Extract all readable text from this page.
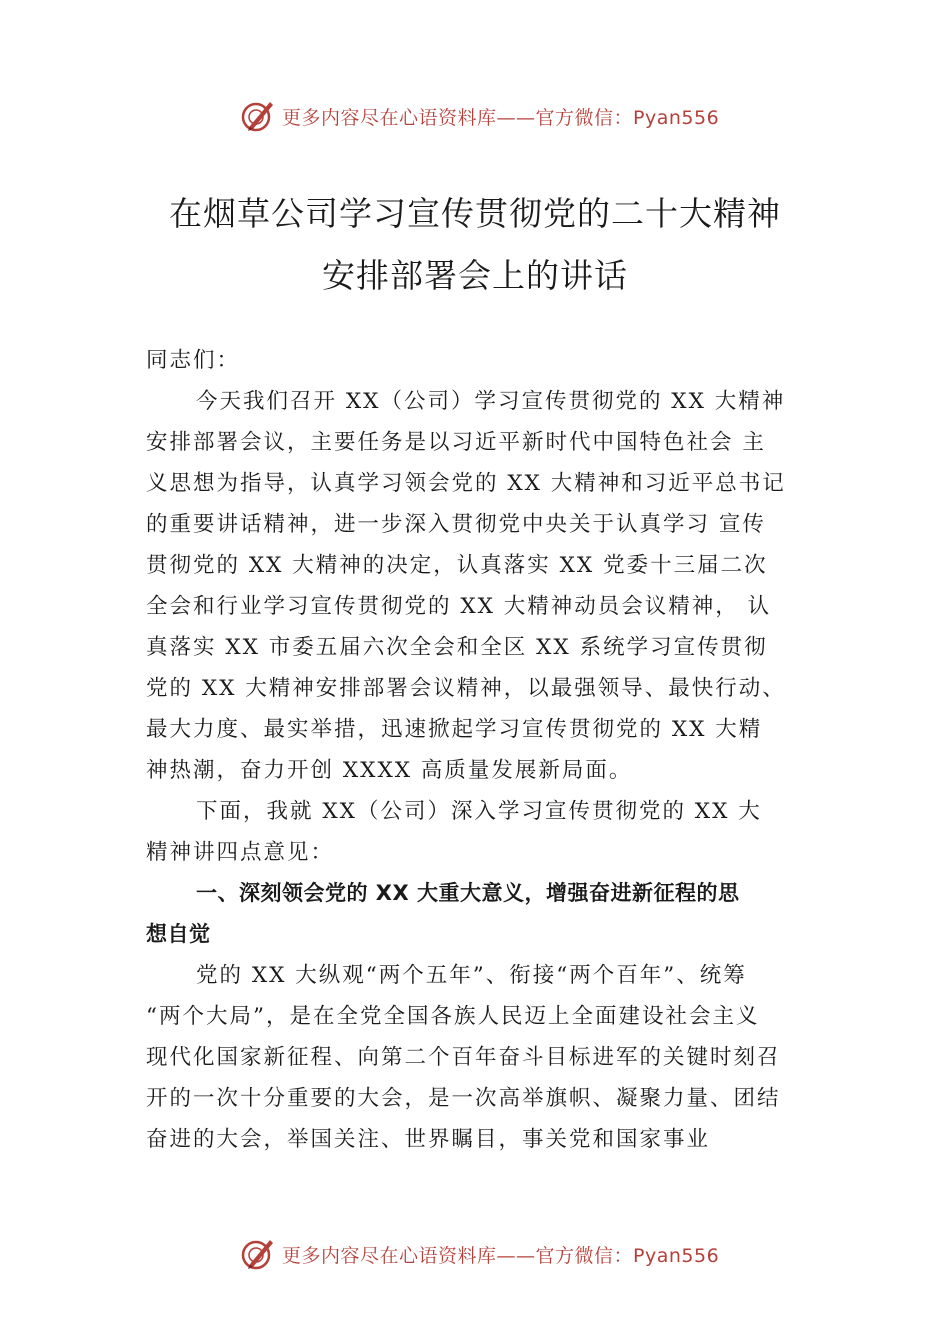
更多内容尽在心语资料库——官方微信：Pyan556
在烟草公司学习宣传贯彻党的二十大精神
安排部署会上的讲话
同志们：
今天我们召开 XX（公司）学习宣传贯彻党的 XX 大精神
安排部署会议，主要任务是以习近平新时代中国特色社会 主
义思想为指导，认真学习领会党的 XX 大精神和习近平总书记
的重要讲话精神，进一步深入贯彻党中央关于认真学习 宣传
贯彻党的 XX 大精神的决定，认真落实 XX 党委十三届二次
全会和行业学习宣传贯彻党的 XX 大精神动员会议精神， 认
真落实 XX 市委五届六次全会和全区 XX 系统学习宣传贯彻
党的 XX 大精神安排部署会议精神，以最强领导、最快行动、
最大力度、最实举措，迅速掀起学习宣传贯彻党的 XX 大精
神热潮，奋力开创 XXXX 高质量发展新局面。
下面，我就 XX（公司）深入学习宣传贯彻党的 XX 大
精神讲四点意见：
一、深刻领会党的 XX 大重大意义，增强奋进新征程的思
想自觉
党的 XX 大纵观“两个五年”、衔接“两个百年”、统筹
“两个大局”，是在全党全国各族人民迈上全面建设社会主义
现代化国家新征程、向第二个百年奋斗目标进军的关键时刻召
开的一次十分重要的大会，是一次高举旗帜、凝聚力量、团结
奋进的大会，举国关注、世界瞩目，事关党和国家事业
更多内容尽在心语资料库——官方微信：Pyan556
